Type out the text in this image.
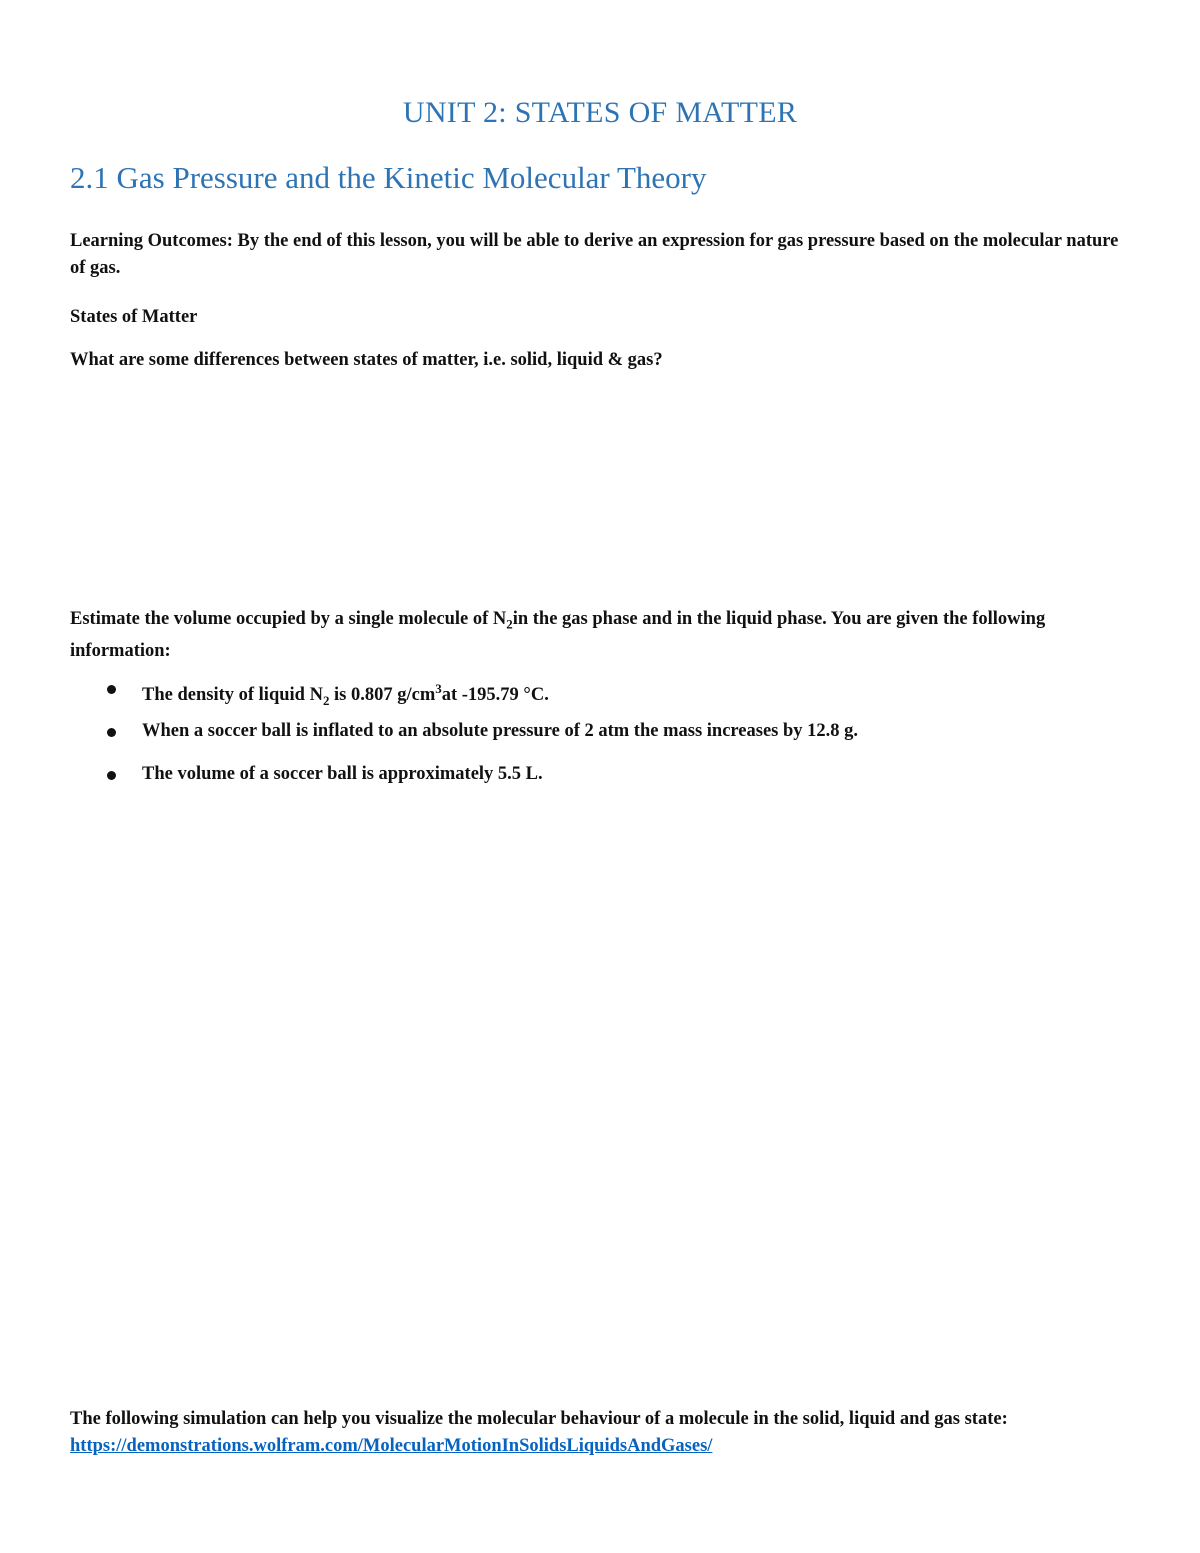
UNIT 2: STATES OF MATTER
2.1 Gas Pressure and the Kinetic Molecular Theory
Learning Outcomes: By the end of this lesson, you will be able to derive an expression for gas pressure based on the molecular nature of gas.
States of Matter
What are some differences between states of matter, i.e. solid, liquid & gas?
Estimate the volume occupied by a single molecule of $N_2in$ the gas phase and in the liquid phase. You are given the following information:
The density of liquid $N_2$ is 0.807 $g/cm^3at$ -195.79 °C.
When a soccer ball is inflated to an absolute pressure of 2 atm the mass increases by 12.8 g.
The volume of a soccer ball is approximately 5.5 L.
The following simulation can help you visualize the molecular behaviour of a molecule in the solid, liquid and gas state: https://demonstrations.wolfram.com/MolecularMotionInSolidsLiquidsAndGases/
